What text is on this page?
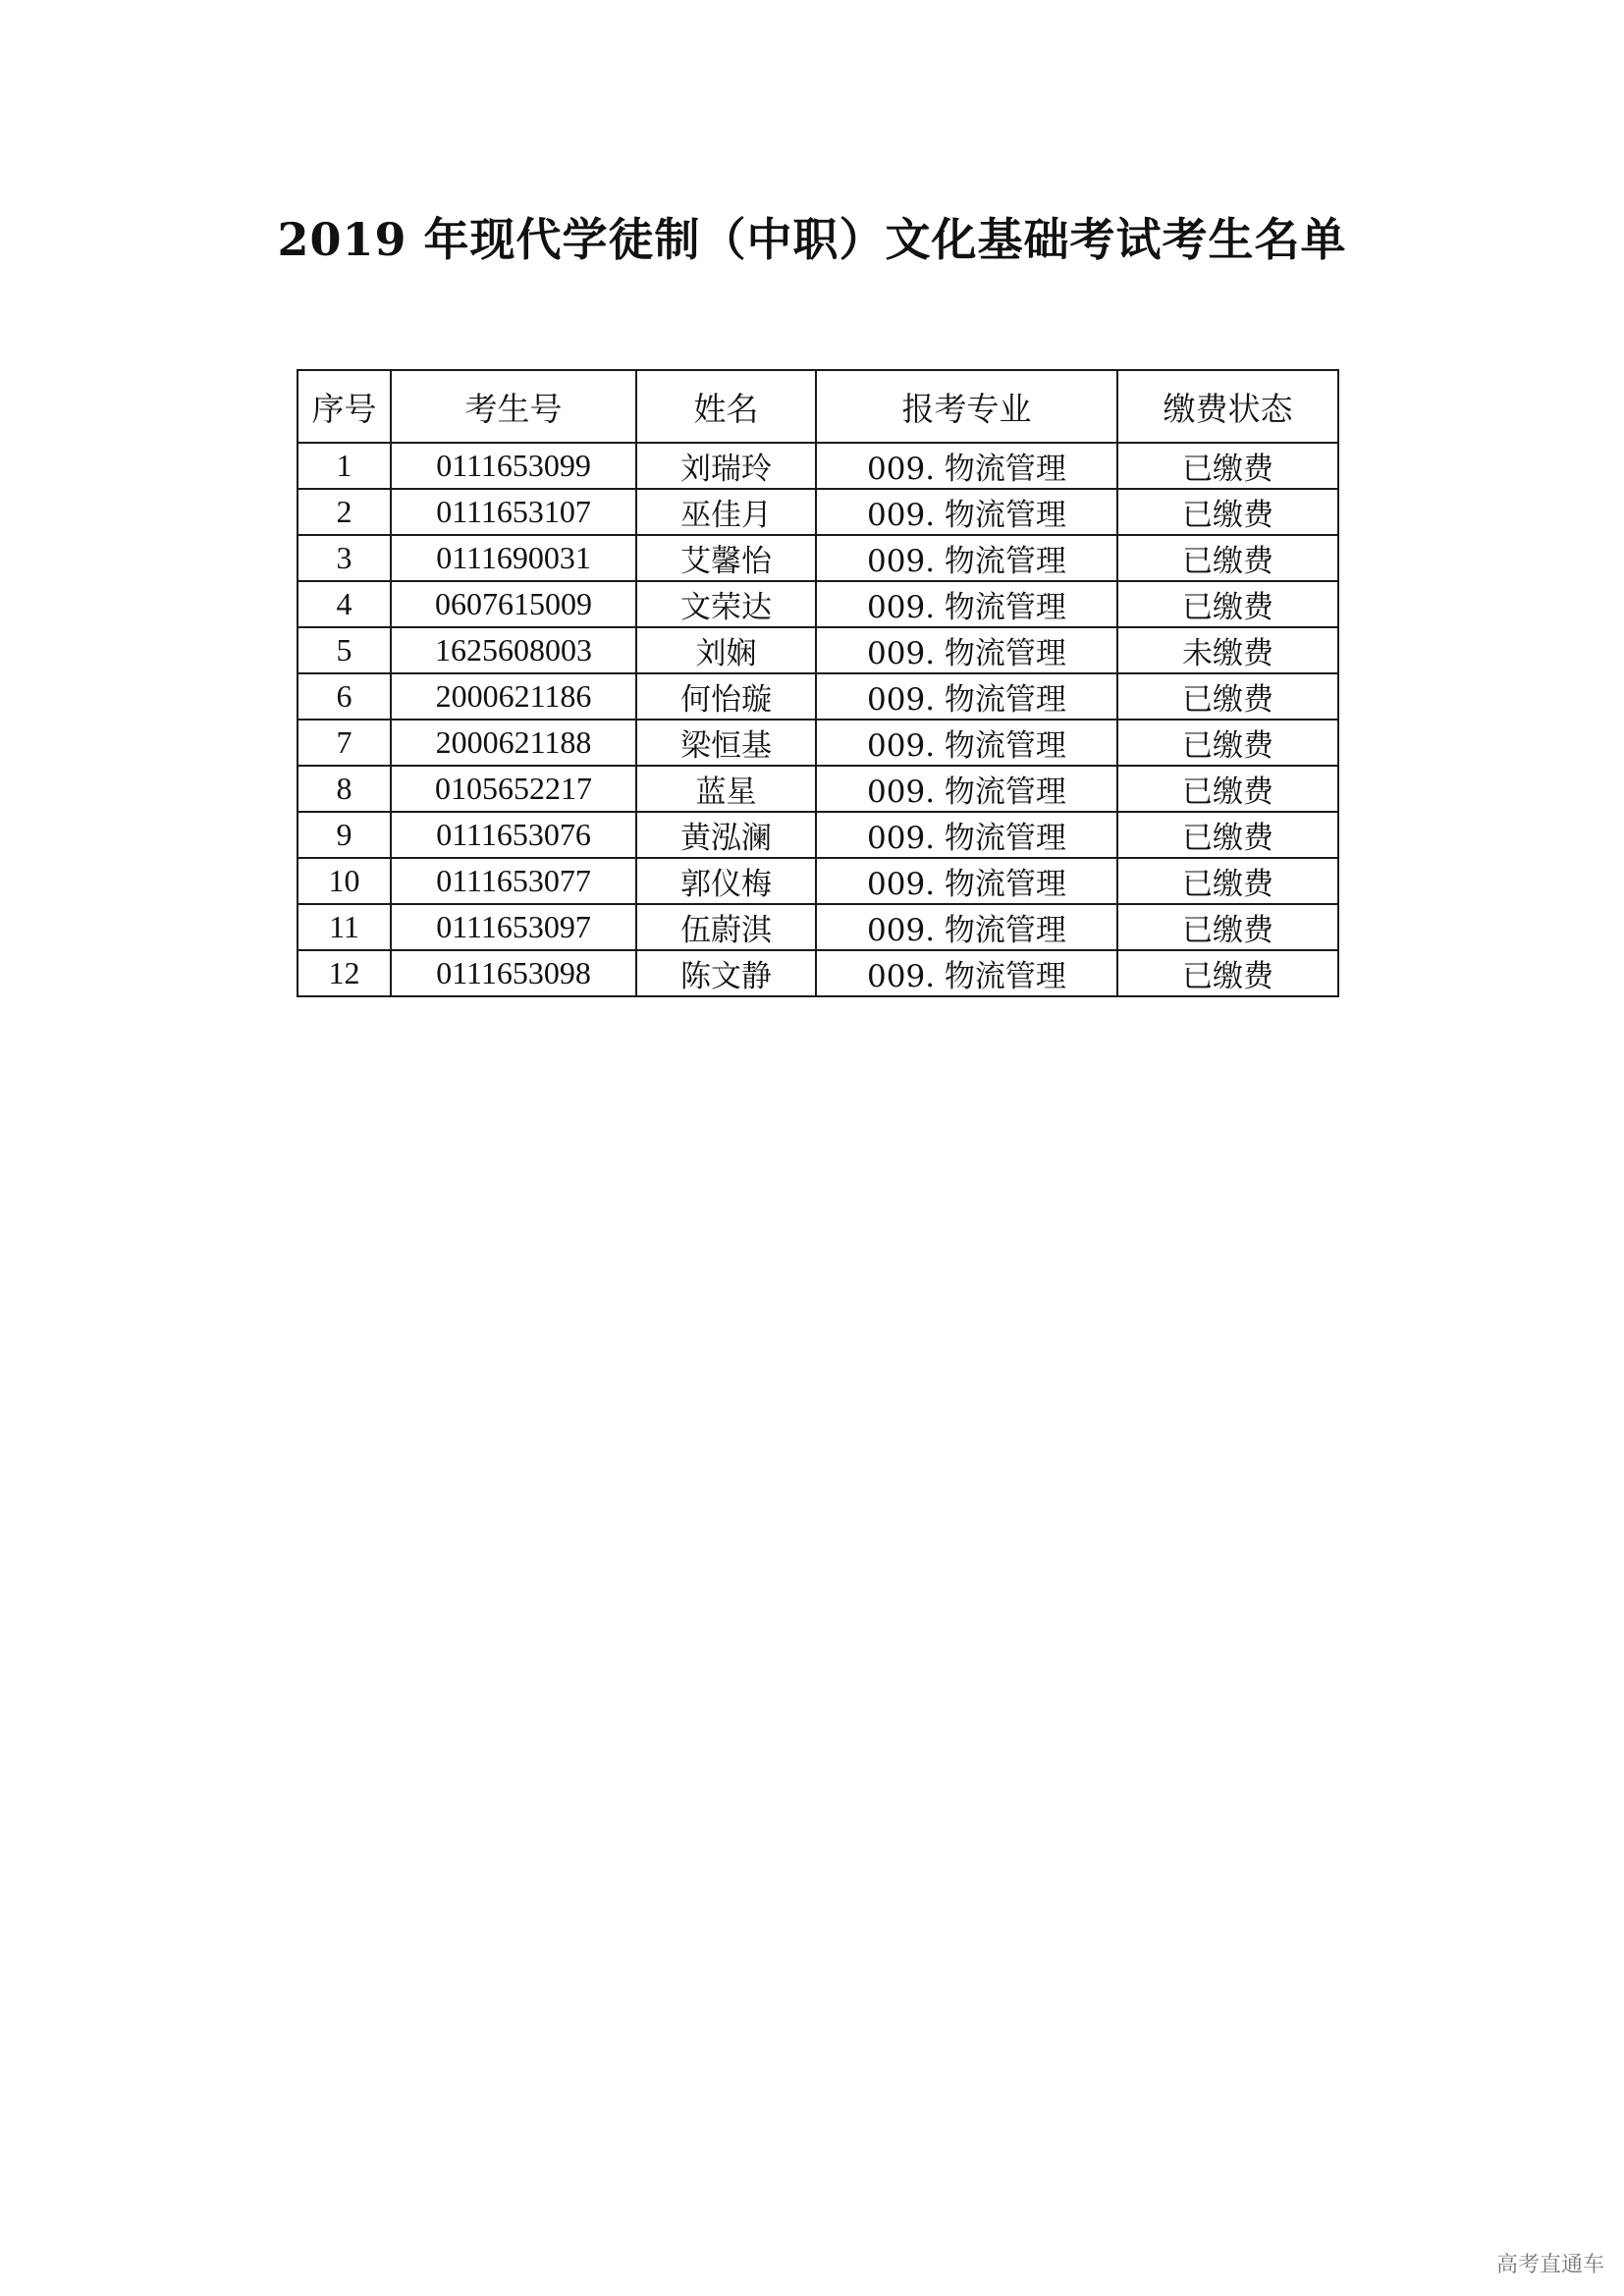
2019 年现代学徒制（中职）文化基础考试考生名单
序号	考生号	姓名	报考专业	缴费状态
1	0111653099	刘瑞玲	009. 物流管理	已缴费
2	0111653107	巫佳月	009. 物流管理	已缴费
3	0111690031	艾馨怡	009. 物流管理	已缴费
4	0607615009	文荣达	009. 物流管理	已缴费
5	1625608003	刘娴	009. 物流管理	未缴费
6	2000621186	何怡璇	009. 物流管理	已缴费
7	2000621188	梁恒基	009. 物流管理	已缴费
8	0105652217	蓝星	009. 物流管理	已缴费
9	0111653076	黄泓澜	009. 物流管理	已缴费
10	0111653077	郭仪梅	009. 物流管理	已缴费
11	0111653097	伍蔚淇	009. 物流管理	已缴费
12	0111653098	陈文静	009. 物流管理	已缴费
高考直通车
